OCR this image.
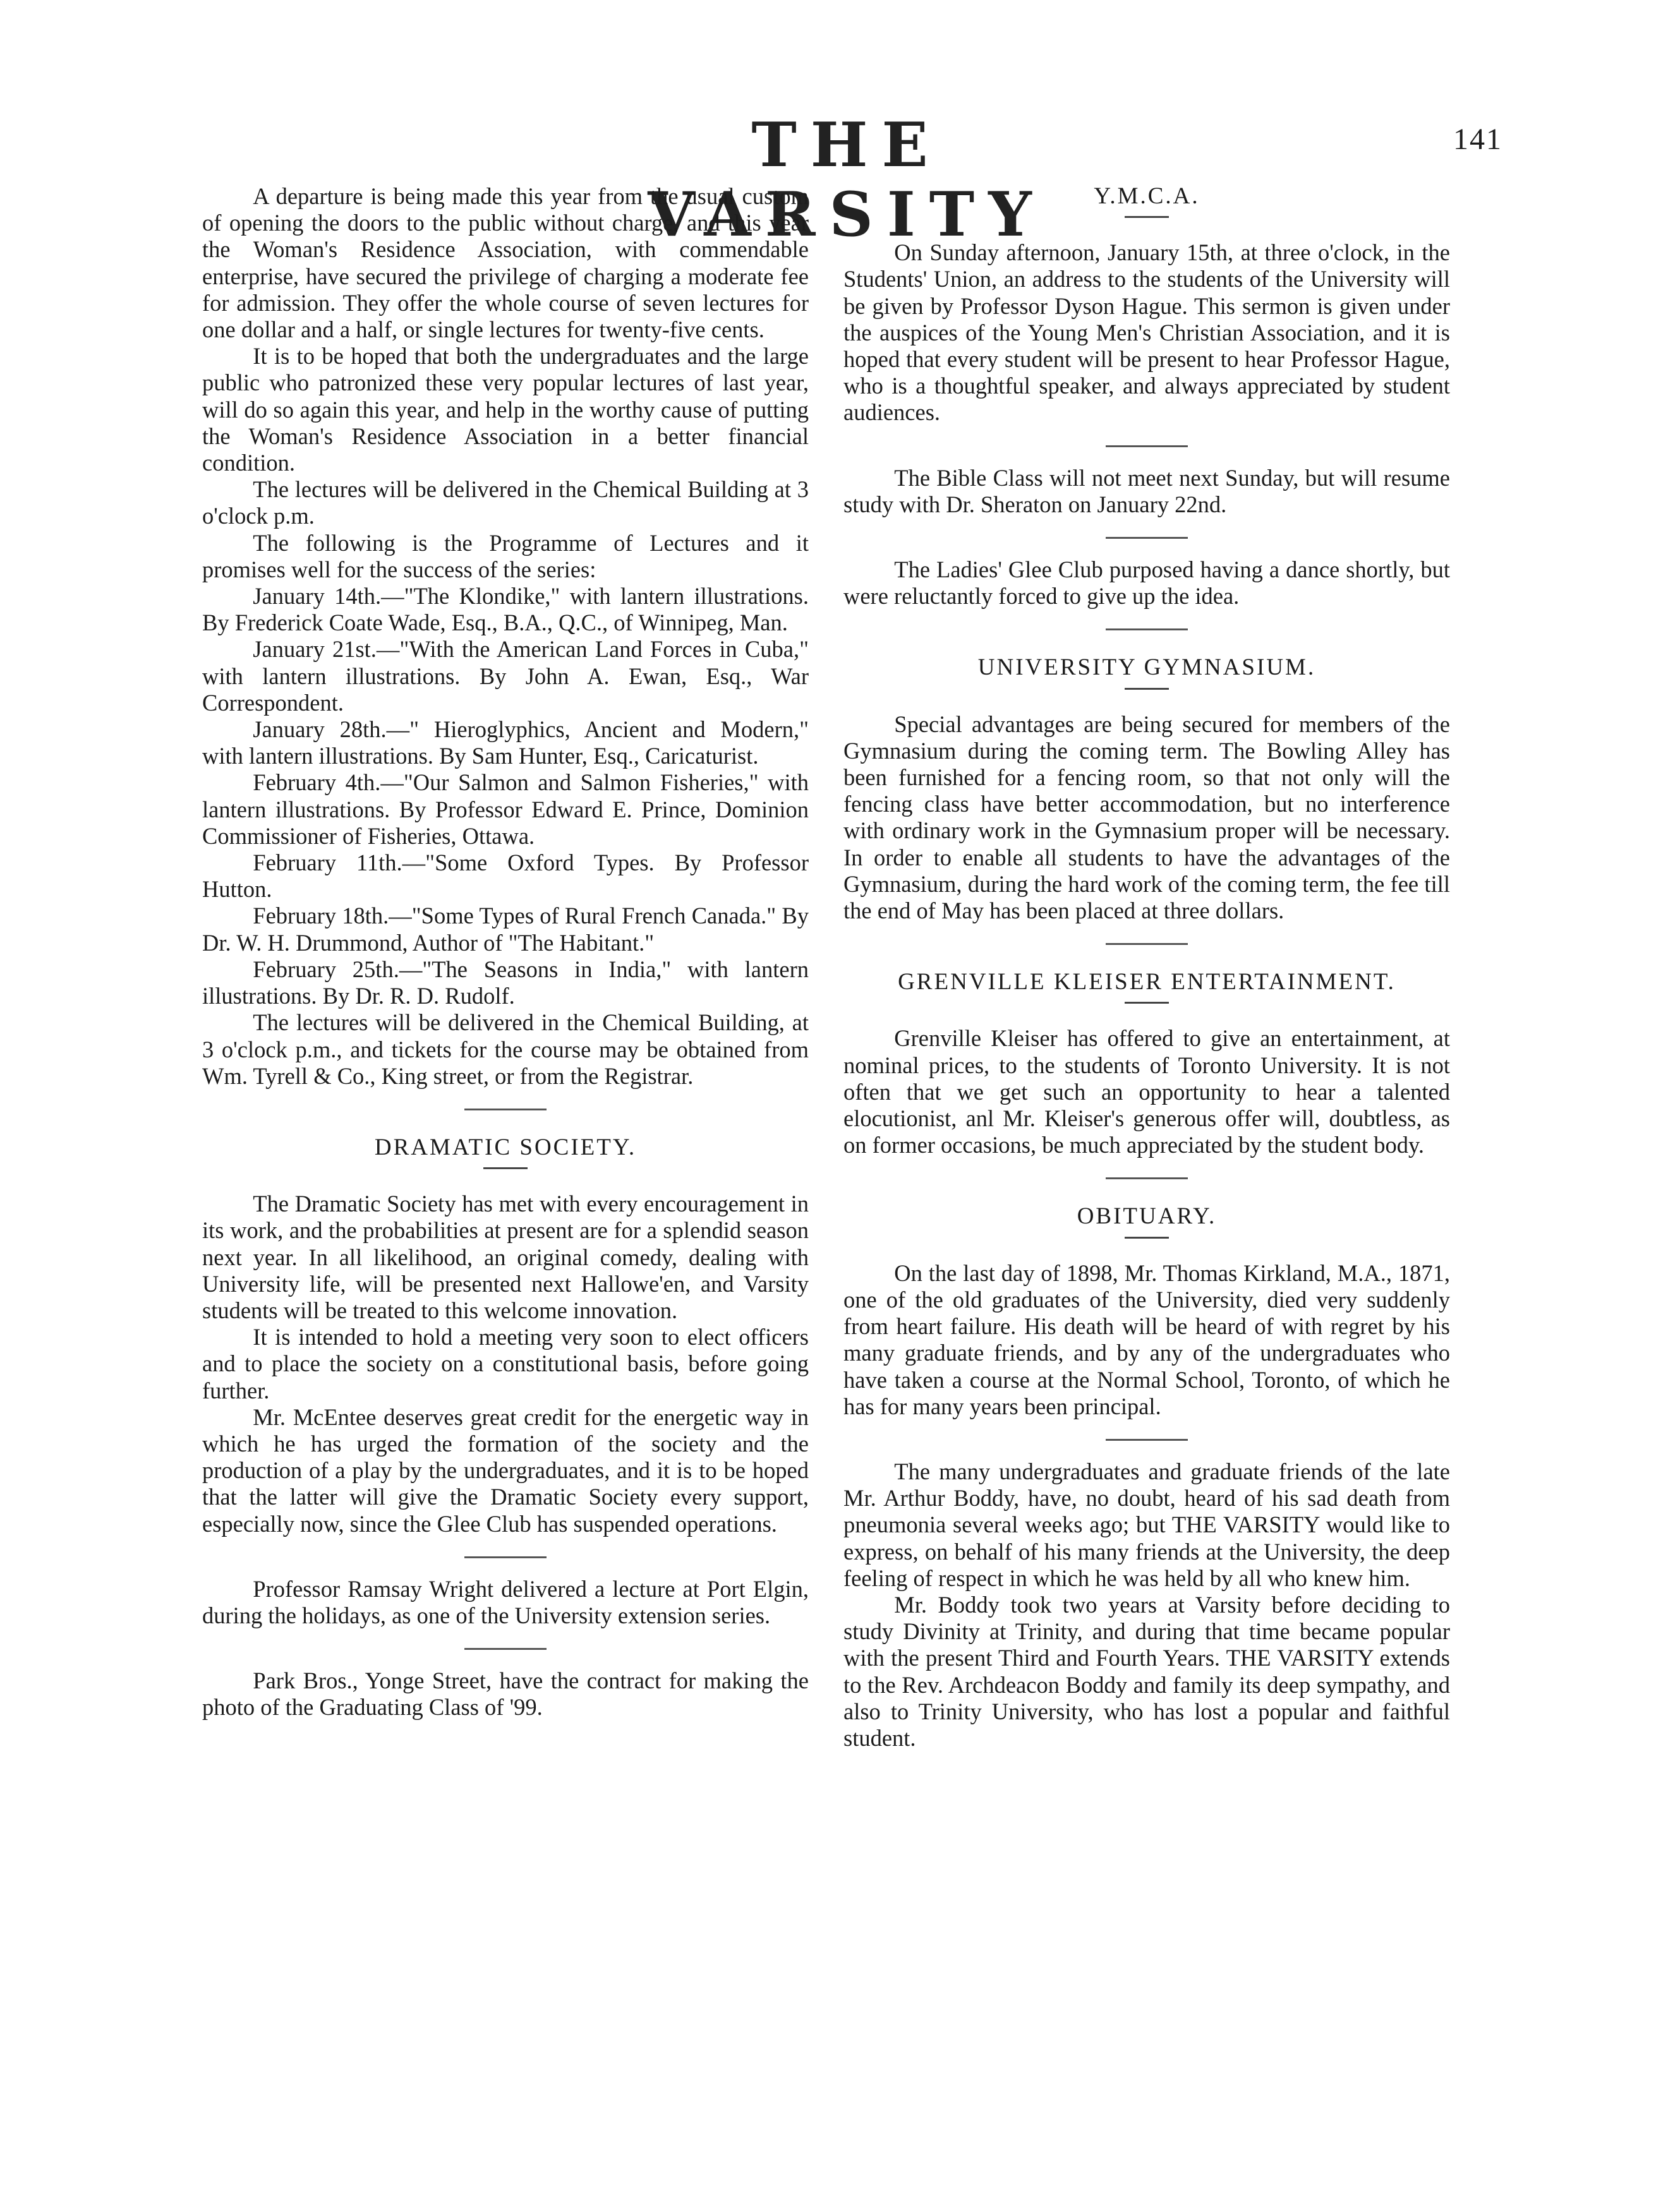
THE VARSITY
141

A departure is being made this year from the usual custom of opening the doors to the public without charge, and this year the Woman's Residence Association, with commendable enterprise, have secured the privilege of charging a moderate fee for admission. They offer the whole course of seven lectures for one dollar and a half, or single lectures for twenty-five cents.

It is to be hoped that both the undergraduates and the large public who patronized these very popular lectures of last year, will do so again this year, and help in the worthy cause of putting the Woman's Residence Association in a better financial condition.

The lectures will be delivered in the Chemical Building at 3 o'clock p.m.

The following is the Programme of Lectures and it promises well for the success of the series:

January 14th.—"The Klondike," with lantern illustrations. By Frederick Coate Wade, Esq., B.A., Q.C., of Winnipeg, Man.

January 21st.—"With the American Land Forces in Cuba," with lantern illustrations. By John A. Ewan, Esq., War Correspondent.

January 28th.—" Hieroglyphics, Ancient and Modern," with lantern illustrations. By Sam Hunter, Esq., Caricaturist.

February 4th.—"Our Salmon and Salmon Fisheries," with lantern illustrations. By Professor Edward E. Prince, Dominion Commissioner of Fisheries, Ottawa.

February 11th.—"Some Oxford Types. By Professor Hutton.

February 18th.—"Some Types of Rural French Canada." By Dr. W. H. Drummond, Author of "The Habitant."

February 25th.—"The Seasons in India," with lantern illustrations. By Dr. R. D. Rudolf.

The lectures will be delivered in the Chemical Building, at 3 o'clock p.m., and tickets for the course may be obtained from Wm. Tyrell & Co., King street, or from the Registrar.

DRAMATIC SOCIETY.

The Dramatic Society has met with every encouragement in its work, and the probabilities at present are for a splendid season next year. In all likelihood, an original comedy, dealing with University life, will be presented next Hallowe'en, and Varsity students will be treated to this welcome innovation.

It is intended to hold a meeting very soon to elect officers and to place the society on a constitutional basis, before going further.

Mr. McEntee deserves great credit for the energetic way in which he has urged the formation of the society and the production of a play by the undergraduates, and it is to be hoped that the latter will give the Dramatic Society every support, especially now, since the Glee Club has suspended operations.

Professor Ramsay Wright delivered a lecture at Port Elgin, during the holidays, as one of the University extension series.

Park Bros., Yonge Street, have the contract for making the photo of the Graduating Class of '99.

Y.M.C.A.

On Sunday afternoon, January 15th, at three o'clock, in the Students' Union, an address to the students of the University will be given by Professor Dyson Hague. This sermon is given under the auspices of the Young Men's Christian Association, and it is hoped that every student will be present to hear Professor Hague, who is a thoughtful speaker, and always appreciated by student audiences.

The Bible Class will not meet next Sunday, but will resume study with Dr. Sheraton on January 22nd.

The Ladies' Glee Club purposed having a dance shortly, but were reluctantly forced to give up the idea.

UNIVERSITY GYMNASIUM.

Special advantages are being secured for members of the Gymnasium during the coming term. The Bowling Alley has been furnished for a fencing room, so that not only will the fencing class have better accommodation, but no interference with ordinary work in the Gymnasium proper will be necessary. In order to enable all students to have the advantages of the Gymnasium, during the hard work of the coming term, the fee till the end of May has been placed at three dollars.

GRENVILLE KLEISER ENTERTAINMENT.

Grenville Kleiser has offered to give an entertainment, at nominal prices, to the students of Toronto University. It is not often that we get such an opportunity to hear a talented elocutionist, anl Mr. Kleiser's generous offer will, doubtless, as on former occasions, be much appreciated by the student body.

OBITUARY.

On the last day of 1898, Mr. Thomas Kirkland, M.A., 1871, one of the old graduates of the University, died very suddenly from heart failure. His death will be heard of with regret by his many graduate friends, and by any of the undergraduates who have taken a course at the Normal School, Toronto, of which he has for many years been principal.

The many undergraduates and graduate friends of the late Mr. Arthur Boddy, have, no doubt, heard of his sad death from pneumonia several weeks ago; but THE VARSITY would like to express, on behalf of his many friends at the University, the deep feeling of respect in which he was held by all who knew him.

Mr. Boddy took two years at Varsity before deciding to study Divinity at Trinity, and during that time became popular with the present Third and Fourth Years. THE VARSITY extends to the Rev. Archdeacon Boddy and family its deep sympathy, and also to Trinity University, who has lost a popular and faithful student.
